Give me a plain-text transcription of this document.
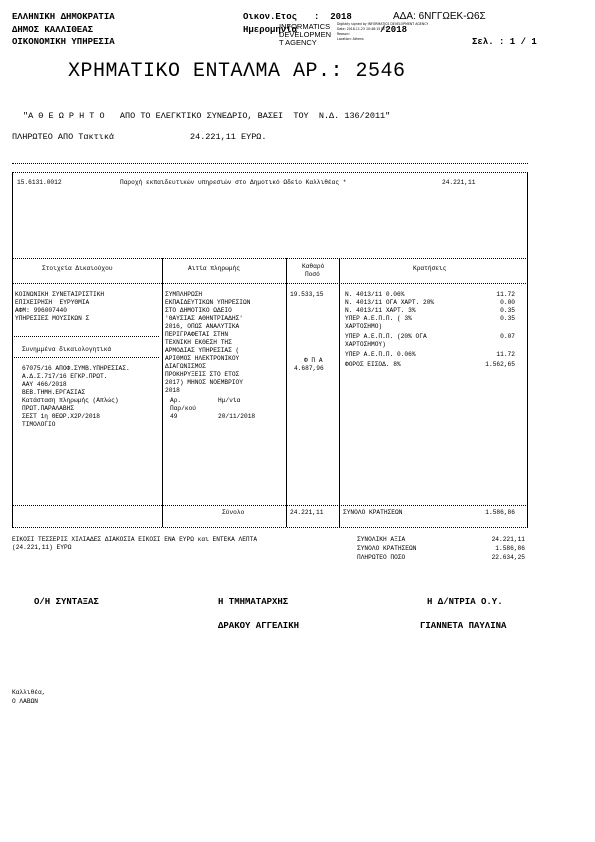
ΕΛΛΗΝΙΚΗ ΔΗΜΟΚΡΑΤΙΑ
ΔΗΜΟΣ ΚΑΛΛΙΘΕΑΣ
ΟΙΚΟΝΟΜΙΚΗ ΥΠΗΡΕΣΙΑ
Οικον.Ετος :  2018	ΑΔΑ: 6ΝΓΓΩΕΚ-Ω6Σ
Ημερομηνία	/2018
INFORMATICS
DEVELOPMEN
T AGENCY
Digitally signed by INFORMATICS DEVELOPMENT AGENCY
Date: 2018.11.23 10:48:15 EET
Reason:
Location: Athens	Σελ. : 1 / 1
ΧΡΗΜΑΤΙΚΟ ΕΝΤΑΛΜΑ ΑΡ.: 2546
"Α Θ Ε Ω Ρ Η Τ Ο   ΑΠΟ ΤΟ ΕΛΕΓΚΤΙΚΟ ΣΥΝΕΔΡΙΟ, ΒΑΣΕΙ  ΤΟΥ  Ν.Δ. 136/2011"
ΠΛΗΡΩΤΕΟ ΑΠΟ Τακτικά	24.221,11 ΕΥΡΩ.
15.6131.0012	Παροχή εκπαιδευτικών υπηρεσιών στο Δημοτικό Ωδείο Καλλιθέας *	24.221,11
Στοιχεία Δικαιούχου	Αιτία πληρωμής	Καθαρό
Ποσό
Κρατήσεις
ΚΟΙΝΩΝΙΚΗ ΣΥΝΕΤΑΙΡΙΣΤΙΚΗ
ΕΠΙΧΕΙΡΗΣΗ  ΕΥΡΥΘΜΙΑ
ΑΦΜ: 996007440
ΥΠΗΡΕΣΙΕΣ ΜΟΥΣΙΚΩΝ Σ
Συνημμένα δικαιολογητικά
67075/16 ΑΠΟΦ.ΣΥΜΒ.ΥΠΗΡΕΣΙΑΣ.
Α.Δ.Σ.717/16 ΕΓΚΡ.ΠΡΩΤ.
ΑΑΥ 466/2018
ΒΕΒ.ΤΗΜΗ.ΕΡΓΑΣΙΑΣ
Κατάσταση πληρωμής (Απλώς)
ΠΡΩΤ.ΠΑΡΑΛΑΒΗΣ
ΣΕΣΤ 1η ΘΕΩΡ.Χ2Ρ/2018
ΤΙΜΟΛΟΓΙΟ
ΣΥΜΠΛΗΡΩΣΗ
ΕΚΠΑΙΔΕΥΤΙΚΩΝ ΥΠΗΡΕΣΙΩΝ
ΣΤΟ ΔΗΜΟΤΙΚΟ ΩΔΕΙΟ
'ΘΑΥΣΙΑΣ ΑΘΗΝΤΡΙΑΔΗΣ'
2016, ΟΠΩΣ ΑΝΑΛΥΤΙΚΑ
ΠΕΡΙΓΡΑΦΕΤΑΙ ΣΤΗΝ
ΤΕΧΝΙΚΗ ΕΚΘΕΣΗ ΤΗΣ
ΑΡΜΟΔΙΑΣ ΥΠΗΡΕΣΙΑΣ (
ΑΡΙΘΜΟΣ ΗΛΕΚΤΡΟΝΙΚΟΥ
ΔΙΑΓΩΝΙΣΜΟΣ
ΠΡΟΚΗΡΥΞΕΙΣ ΣΤΟ ΕΤΟΣ
2017) ΜΗΝΟΣ ΝΟΕΜΒΡΙΟΥ
2018
Αρ.	Ημ/νία
Παρ/κού
49	20/11/2018
19.533,15
Φ Π Α
4.687,96
Ν. 4013/11 0.06%	11.72
Ν. 4013/11 ΟΓΑ ΧΑΡΤ. 20%	0.00
Ν. 4013/11 ΧΑΡΤ. 3%	0.35
ΥΠΕΡ Α.Ε.Π.Π. ( 3%	0.35
ΧΑΡΤΟΣΗΜΟ)
ΥΠΕΡ Α.Ε.Π.Π. (20% ΟΓΑ	0.07
ΧΑΡΤΟΣΗΜΟΥ)
ΥΠΕΡ Α.Ε.Π.Π. 0.06%	11.72
ΦΟΡΟΣ ΕΙΣΟΔ. 8%	1.562,65
Σύνολο	24.221,11	ΣΥΝΟΛΟ ΚΡΑΤΗΣΕΩΝ	1.586,86
ΕΙΚΟΣΙ ΤΕΣΣΕΡΙΣ ΧΙΛΙΑΔΕΣ ΔΙΑΚΟΣΙΑ ΕΙΚΟΣΙ ΕΝΑ ΕΥΡΩ και ΕΝΤΕΚΑ ΛΕΠΤΑ
(24.221,11) ΕΥΡΩ
ΣΥΝΟΛΙΚΗ ΑΞΙΑ	24.221,11
ΣΥΝΟΛΟ ΚΡΑΤΗΣΕΩΝ	1.586,86
ΠΛΗΡΩΤΕΟ ΠΟΣΟ	22.634,25
Ο/Η ΣΥΝΤΑΞΑΣ	Η ΤΜΗΜΑΤΑΡΧΗΣ
ΔΡΑΚΟΥ ΑΓΓΕΛΙΚΗ
Η Δ/ΝΤΡΙΑ Ο.Υ.
ΓΙΑΝΝΕΤΑ ΠΑΥΛΙΝΑ
Καλλιθέα,
Ο ΛΑΒΩΝ
